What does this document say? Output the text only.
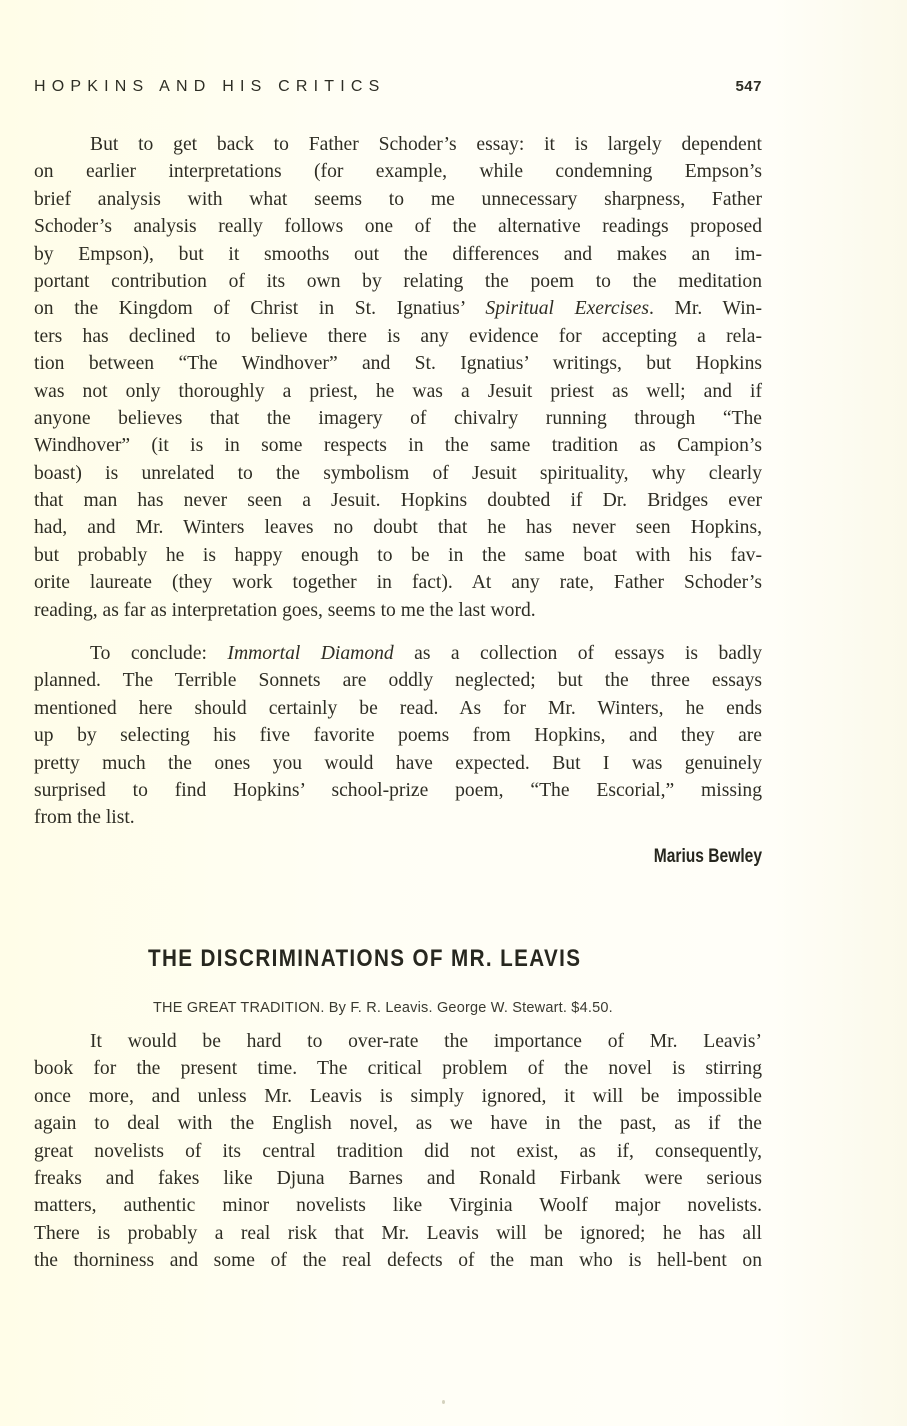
HOPKINS AND HIS CRITICS	547
But to get back to Father Schoder’s essay: it is largely dependent
on earlier interpretations (for example, while condemning Empson’s
brief analysis with what seems to me unnecessary sharpness, Father
Schoder’s analysis really follows one of the alternative readings proposed
by Empson), but it smooths out the differences and makes an im-
portant contribution of its own by relating the poem to the meditation
on the Kingdom of Christ in St. Ignatius’ Spiritual Exercises. Mr. Win-
ters has declined to believe there is any evidence for accepting a rela-
tion between “The Windhover” and St. Ignatius’ writings, but Hopkins
was not only thoroughly a priest, he was a Jesuit priest as well; and if
anyone believes that the imagery of chivalry running through “The
Windhover” (it is in some respects in the same tradition as Campion’s
boast) is unrelated to the symbolism of Jesuit spirituality, why clearly
that man has never seen a Jesuit. Hopkins doubted if Dr. Bridges ever
had, and Mr. Winters leaves no doubt that he has never seen Hopkins,
but probably he is happy enough to be in the same boat with his fav-
orite laureate (they work together in fact). At any rate, Father Schoder’s
reading, as far as interpretation goes, seems to me the last word.
To conclude: Immortal Diamond as a collection of essays is badly
planned. The Terrible Sonnets are oddly neglected; but the three essays
mentioned here should certainly be read. As for Mr. Winters, he ends
up by selecting his five favorite poems from Hopkins, and they are
pretty much the ones you would have expected. But I was genuinely
surprised to find Hopkins’ school-prize poem, “The Escorial,” missing
from the list.
Marius Bewley
THE DISCRIMINATIONS OF MR. LEAVIS
THE GREAT TRADITION. By F. R. Leavis. George W. Stewart. $4.50.
It would be hard to over-rate the importance of Mr. Leavis’
book for the present time. The critical problem of the novel is stirring
once more, and unless Mr. Leavis is simply ignored, it will be impossible
again to deal with the English novel, as we have in the past, as if the
great novelists of its central tradition did not exist, as if, consequently,
freaks and fakes like Djuna Barnes and Ronald Firbank were serious
matters, authentic minor novelists like Virginia Woolf major novelists.
There is probably a real risk that Mr. Leavis will be ignored; he has all
the thorniness and some of the real defects of the man who is hell-bent on
